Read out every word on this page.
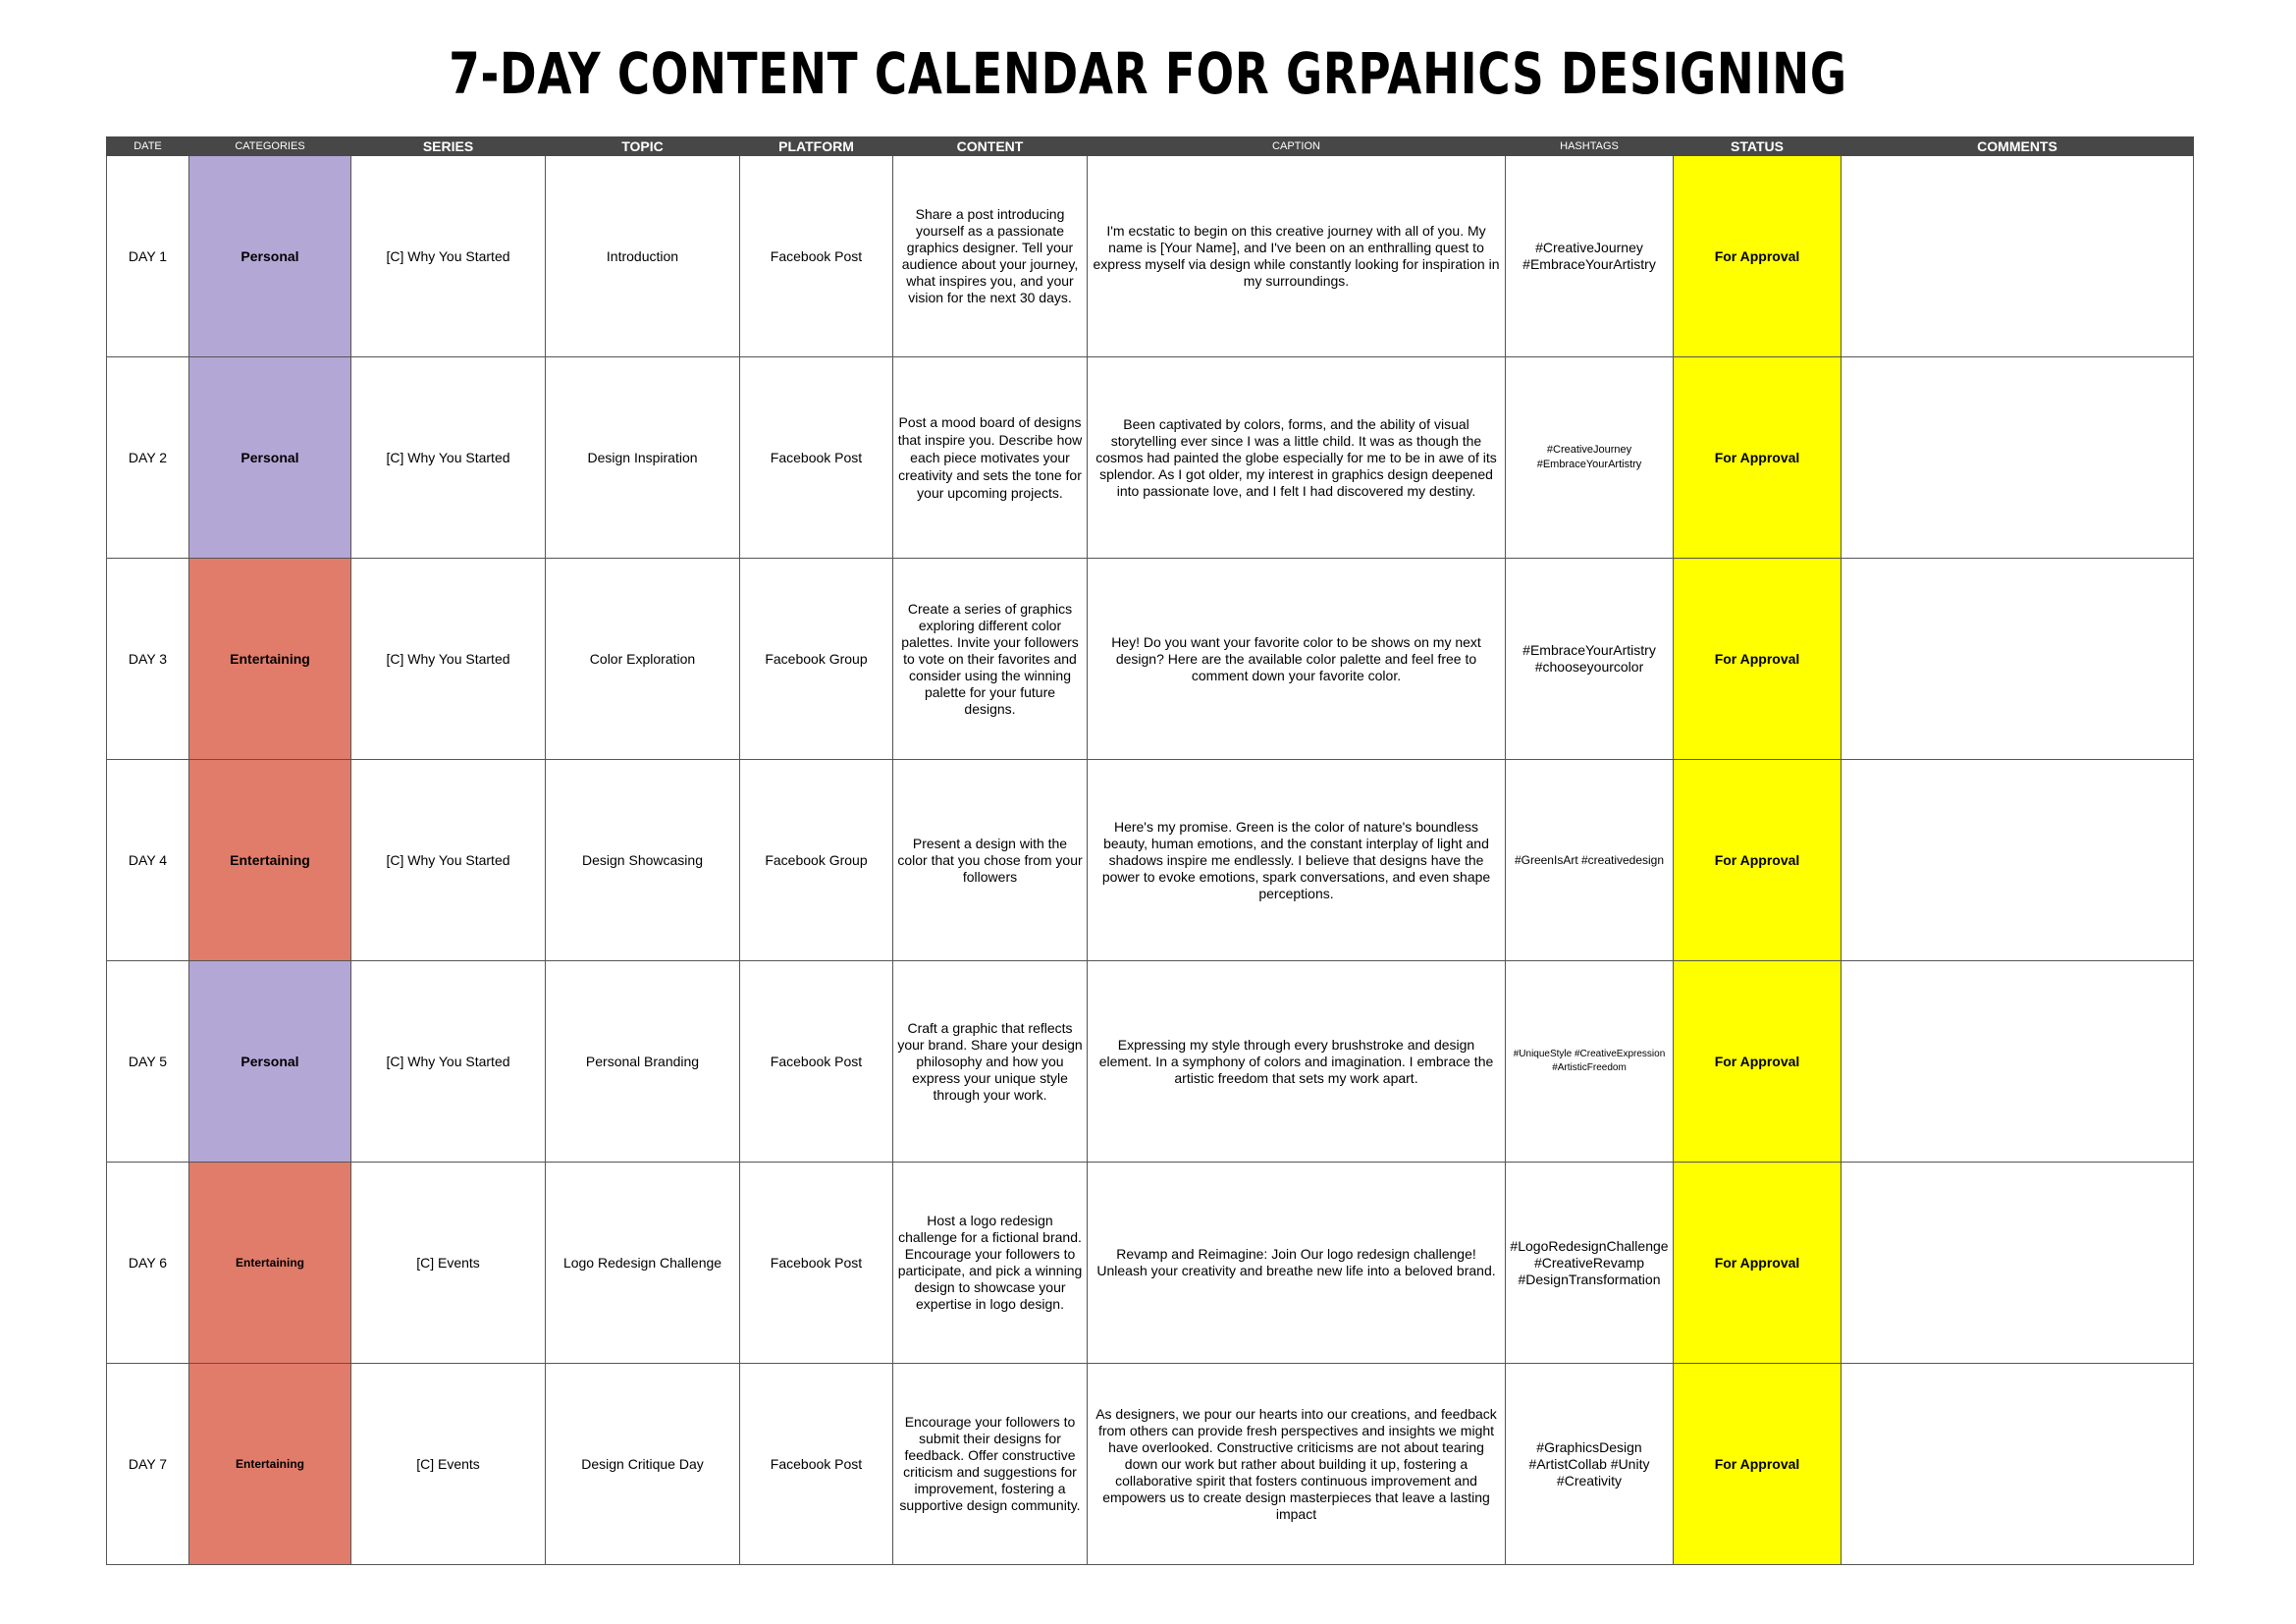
7-DAY CONTENT CALENDAR FOR GRPAHICS DESIGNING
DATE	CATEGORIES	SERIES	TOPIC	PLATFORM	CONTENT	CAPTION	HASHTAGS	STATUS	COMMENTS
DAY 1	Personal	[C] Why You Started	Introduction	Facebook Post	Share a post introducing yourself as a passionate graphics designer. Tell your audience about your journey, what inspires you, and your vision for the next 30 days.	I'm ecstatic to begin on this creative journey with all of you. My name is [Your Name], and I've been on an enthralling quest to express myself via design while constantly looking for inspiration in my surroundings.	#CreativeJourney #EmbraceYourArtistry	For Approval	
DAY 2	Personal	[C] Why You Started	Design Inspiration	Facebook Post	Post a mood board of designs that inspire you. Describe how each piece motivates your creativity and sets the tone for your upcoming projects.	Been captivated by colors, forms, and the ability of visual storytelling ever since I was a little child. It was as though the cosmos had painted the globe especially for me to be in awe of its splendor. As I got older, my interest in graphics design deepened into passionate love, and I felt I had discovered my destiny.	#CreativeJourney #EmbraceYourArtistry	For Approval	
DAY 3	Entertaining	[C] Why You Started	Color Exploration	Facebook Group	Create a series of graphics exploring different color palettes. Invite your followers to vote on their favorites and consider using the winning palette for your future designs.	Hey! Do you want your favorite color to be shows on my next design? Here are the available color palette and feel free to comment down your favorite color.	#EmbraceYourArtistry #chooseyourcolor	For Approval	
DAY 4	Entertaining	[C] Why You Started	Design Showcasing	Facebook Group	Present a design with the color that you chose from your followers	Here's my promise. Green is the color of nature's boundless beauty, human emotions, and the constant interplay of light and shadows inspire me endlessly. I believe that designs have the power to evoke emotions, spark conversations, and even shape perceptions.	#GreenIsArt #creativedesign	For Approval	
DAY 5	Personal	[C] Why You Started	Personal Branding	Facebook Post	Craft a graphic that reflects your brand. Share your design philosophy and how you express your unique style through your work.	Expressing my style through every brushstroke and design element. In a symphony of colors and imagination. I embrace the artistic freedom that sets my work apart.	#UniqueStyle #CreativeExpression #ArtisticFreedom	For Approval	
DAY 6	Entertaining	[C] Events	Logo Redesign Challenge	Facebook Post	Host a logo redesign challenge for a fictional brand. Encourage your followers to participate, and pick a winning design to showcase your expertise in logo design.	Revamp and Reimagine: Join Our logo redesign challenge! Unleash your creativity and breathe new life into a beloved brand.	#LogoRedesignChallenge #CreativeRevamp #DesignTransformation	For Approval	
DAY 7	Entertaining	[C] Events	Design Critique Day	Facebook Post	Encourage your followers to submit their designs for feedback. Offer constructive criticism and suggestions for improvement, fostering a supportive design community.	As designers, we pour our hearts into our creations, and feedback from others can provide fresh perspectives and insights we might have overlooked. Constructive criticisms are not about tearing down our work but rather about building it up, fostering a collaborative spirit that fosters continuous improvement and empowers us to create design masterpieces that leave a lasting impact	#GraphicsDesign #ArtistCollab #Unity #Creativity	For Approval	
